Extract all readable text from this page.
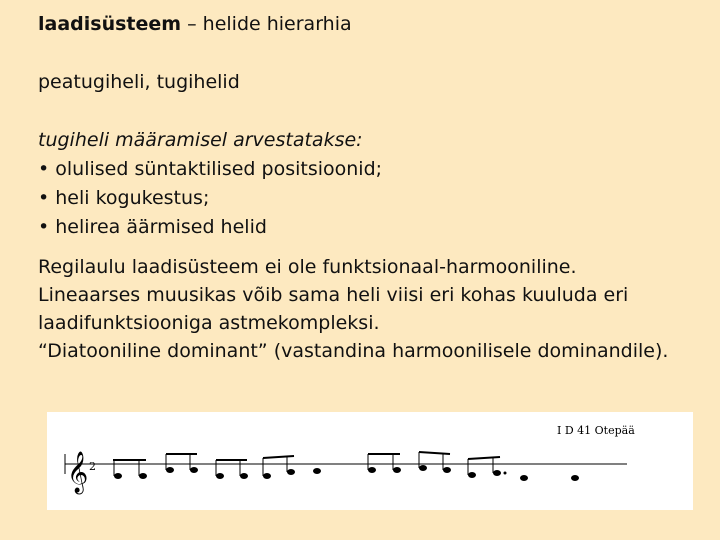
laadisüsteem – helide hierarhia
peatugiheli, tugihelid
tugiheli määramisel arvestatakse:
• olulised süntaktilised positsioonid;
• heli kogukestus;
• helirea äärmised helid
Regilaulu laadisüsteem ei ole funktsionaal-harmooniline.
Lineaarses muusikas võib sama heli viisi eri kohas kuuluda eri
laadifunktsiooniga astmekompleksi.
“Diatooniline dominant” (vastandina harmoonilisele dominandile).
I D 41 Otepää
𝄞 2
